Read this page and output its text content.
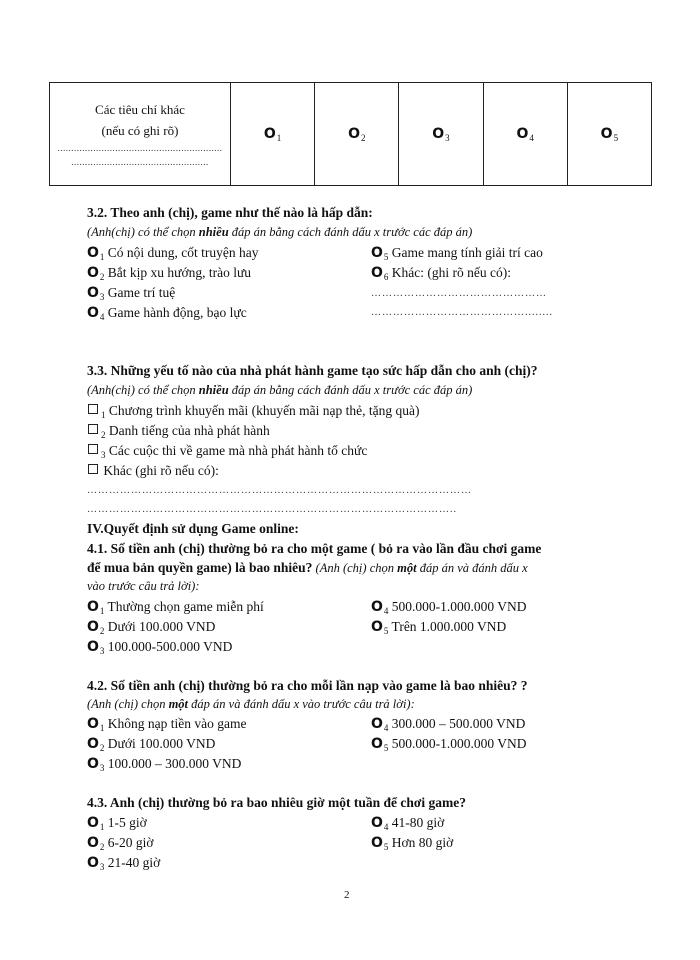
Các tiêu chí khác
(nếu có ghi rõ)
............................................................
..................................................
	$O_1$	$O_2$	$O_3$	$O_4$	$O_5$
3.2. Theo anh (chị), game như thế nào là hấp dẫn:
(Anh(chị) có thể chọn nhiều đáp án bằng cách đánh dấu x trước các đáp án)
$O_1$ Có nội dung, cốt truyện hay
$O_2$ Bắt kịp xu hướng, trào lưu
$O_3$ Game trí tuệ
$O_4$ Game hành động, bạo lực
$O_5$ Game mang tính giải trí cao
$O_6$ Khác: (ghi rõ nếu có):
…………………………………………
……………………………………........
3.3. Những yếu tố nào của nhà phát hành game tạo sức hấp dẫn cho anh (chị)?
(Anh(chị) có thể chọn nhiều đáp án bằng cách đánh dấu x trước các đáp án)
$_1$ Chương trình khuyến mãi (khuyến mãi nạp thẻ, tặng quà)
$_2$ Danh tiếng của nhà phát hành
$_3$ Các cuộc thi về game mà nhà phát hành tổ chức
Khác (ghi rõ nếu có):
……………………………………………………………………………………………
………………………………………………………………………………………..
IV.Quyết định sử dụng Game online:
4.1. Số tiền anh (chị) thường bỏ ra cho một game ( bỏ ra vào lần đầu chơi game
để mua bản quyền game) là bao nhiêu? (Anh (chị) chọn một đáp án và đánh dấu x
vào trước câu trả lời):
$O_1$ Thường chọn game miễn phí
$O_2$ Dưới 100.000 VND
$O_3$ 100.000-500.000 VND
$O_4$ 500.000-1.000.000 VND
$O_5$ Trên 1.000.000 VND
4.2. Số tiền anh (chị) thường bỏ ra cho mỗi lần nạp vào game là bao nhiêu? ?
(Anh (chị) chọn một đáp án và đánh dấu x vào trước câu trả lời):
$O_1$ Không nạp tiền vào game
$O_2$ Dưới 100.000 VND
$O_3$ 100.000 – 300.000 VND
$O_4$ 300.000 – 500.000 VND
$O_5$ 500.000-1.000.000 VND
4.3. Anh (chị) thường bỏ ra bao nhiêu giờ một tuần để chơi game?
$O_1$ 1-5 giờ
$O_2$ 6-20 giờ
$O_3$ 21-40 giờ
$O_4$ 41-80 giờ
$O_5$ Hơn 80 giờ
2
